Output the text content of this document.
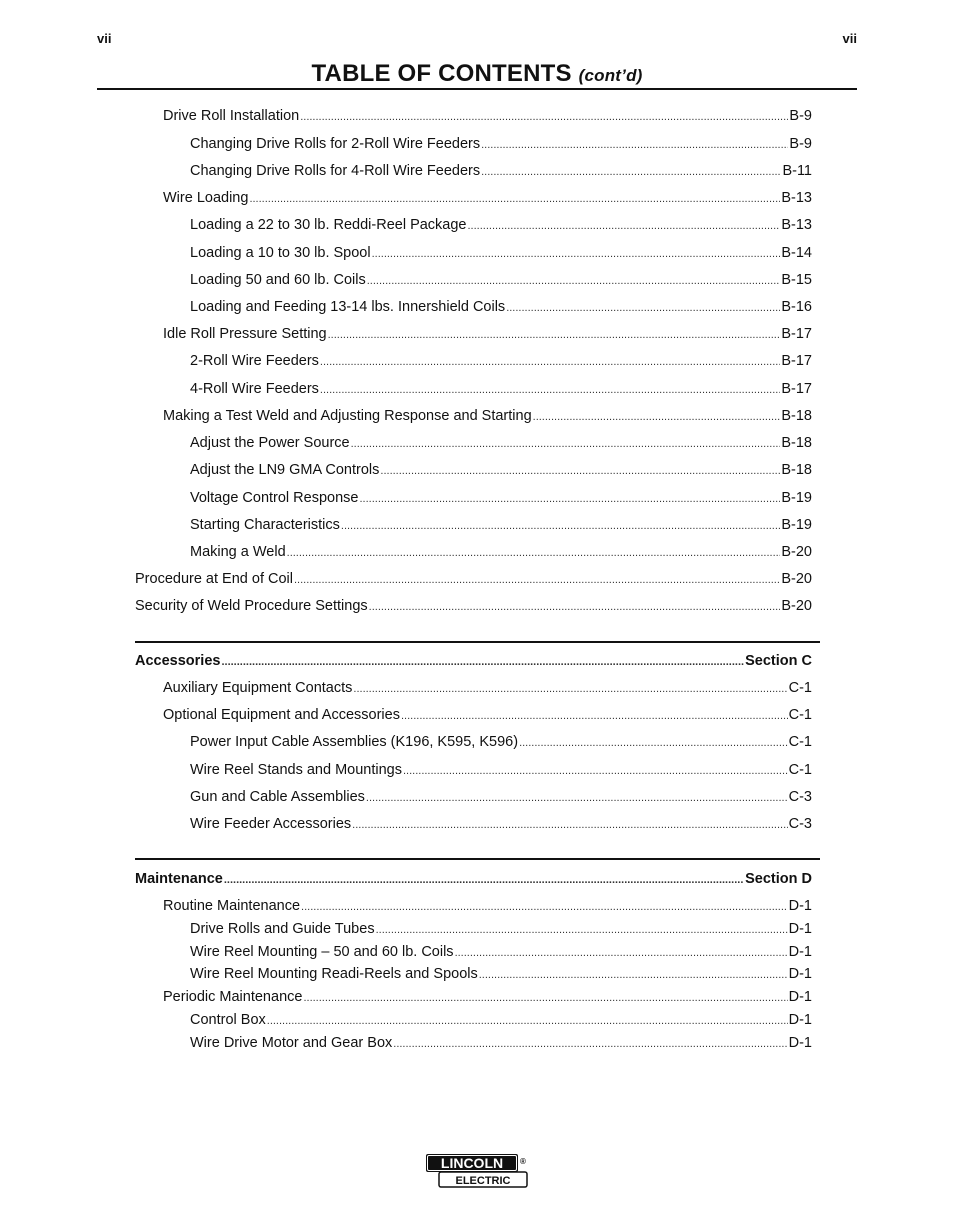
vii	vii
TABLE OF CONTENTS (cont’d)
Drive Roll Installation .....	B-9
Changing Drive Rolls for 2-Roll Wire Feeders .....	B-9
Changing Drive Rolls for 4-Roll Wire Feeders .....	B-11
Wire Loading .....	B-13
Loading a 22 to 30 lb. Reddi-Reel Package .....	B-13
Loading a 10 to 30 lb. Spool .....	B-14
Loading 50 and 60 lb. Coils .....	B-15
Loading and Feeding 13-14 lbs. Innershield Coils .....	B-16
Idle Roll Pressure Setting .....	B-17
2-Roll Wire Feeders .....	B-17
4-Roll Wire Feeders .....	B-17
Making a Test Weld and Adjusting Response and Starting .....	B-18
Adjust the Power Source .....	B-18
Adjust the LN9 GMA Controls .....	B-18
Voltage Control Response .....	B-19
Starting Characteristics .....	B-19
Making a Weld .....	B-20
Procedure at End of Coil .....	B-20
Security of Weld Procedure Settings .....	B-20
Accessories .....	Section C
Auxiliary Equipment Contacts .....	C-1
Optional Equipment and Accessories .....	C-1
Power Input Cable Assemblies (K196, K595, K596) .....	C-1
Wire Reel Stands and Mountings .....	C-1
Gun and Cable Assemblies .....	C-3
Wire Feeder Accessories .....	C-3
Maintenance .....	Section D
Routine Maintenance .....	D-1
Drive Rolls and Guide Tubes .....	D-1
Wire Reel Mounting – 50 and 60 lb. Coils .....	D-1
Wire Reel Mounting Readi-Reels and Spools .....	D-1
Periodic Maintenance .....	D-1
Control Box .....	D-1
Wire Drive Motor and Gear Box .....	D-1
LINCOLN ®
ELECTRIC
